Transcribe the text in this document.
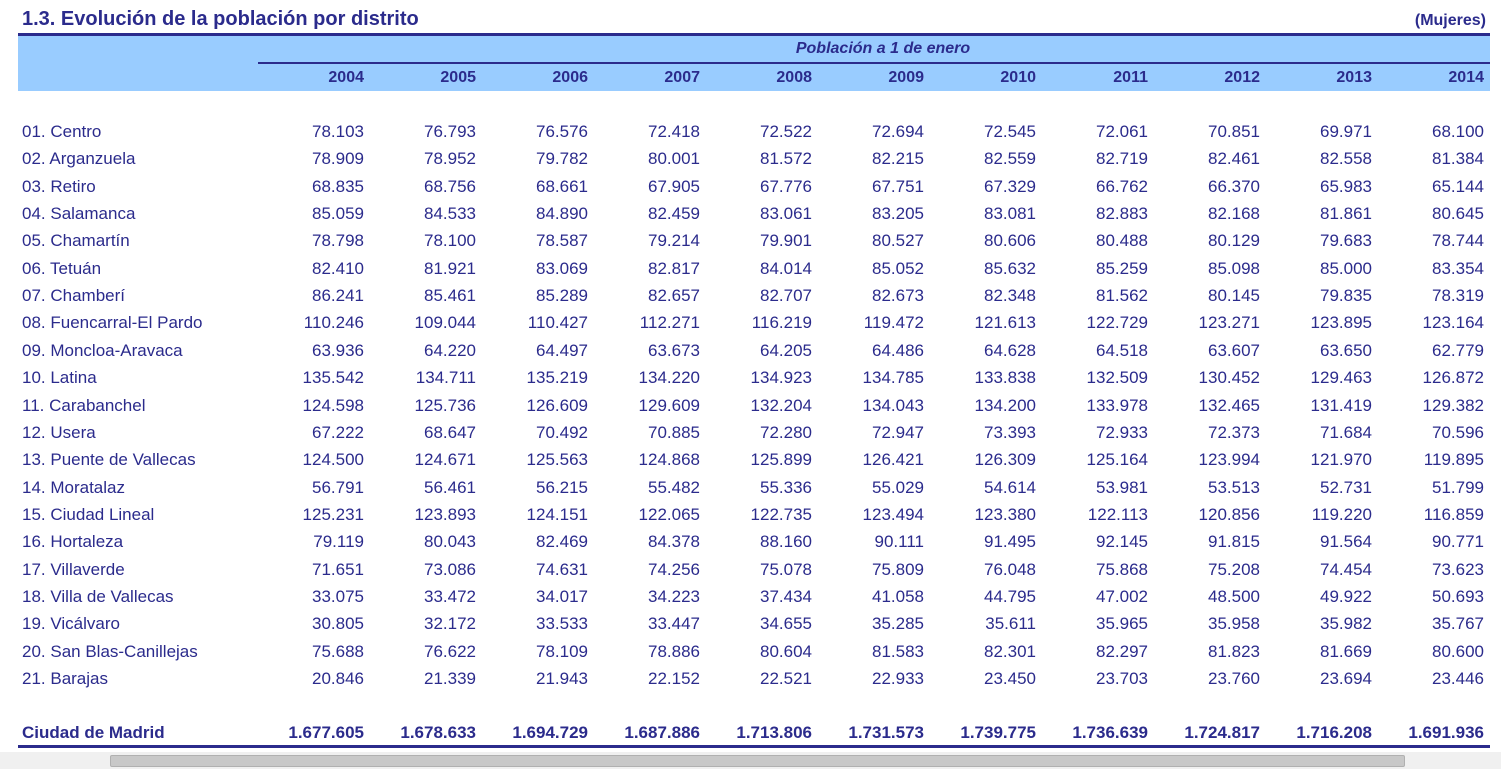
1.3. Evolución de la población por distrito	(Mujeres)
Población a 1 de enero
2004	2005	2006	2007	2008	2009	2010	2011	2012	2013	2014
01. Centro	78.103	76.793	76.576	72.418	72.522	72.694	72.545	72.061	70.851	69.971	68.100
02. Arganzuela	78.909	78.952	79.782	80.001	81.572	82.215	82.559	82.719	82.461	82.558	81.384
03. Retiro	68.835	68.756	68.661	67.905	67.776	67.751	67.329	66.762	66.370	65.983	65.144
04. Salamanca	85.059	84.533	84.890	82.459	83.061	83.205	83.081	82.883	82.168	81.861	80.645
05. Chamartín	78.798	78.100	78.587	79.214	79.901	80.527	80.606	80.488	80.129	79.683	78.744
06. Tetuán	82.410	81.921	83.069	82.817	84.014	85.052	85.632	85.259	85.098	85.000	83.354
07. Chamberí	86.241	85.461	85.289	82.657	82.707	82.673	82.348	81.562	80.145	79.835	78.319
08. Fuencarral-El Pardo	110.246	109.044	110.427	112.271	116.219	119.472	121.613	122.729	123.271	123.895	123.164
09. Moncloa-Aravaca	63.936	64.220	64.497	63.673	64.205	64.486	64.628	64.518	63.607	63.650	62.779
10. Latina	135.542	134.711	135.219	134.220	134.923	134.785	133.838	132.509	130.452	129.463	126.872
11. Carabanchel	124.598	125.736	126.609	129.609	132.204	134.043	134.200	133.978	132.465	131.419	129.382
12. Usera	67.222	68.647	70.492	70.885	72.280	72.947	73.393	72.933	72.373	71.684	70.596
13. Puente de Vallecas	124.500	124.671	125.563	124.868	125.899	126.421	126.309	125.164	123.994	121.970	119.895
14. Moratalaz	56.791	56.461	56.215	55.482	55.336	55.029	54.614	53.981	53.513	52.731	51.799
15. Ciudad Lineal	125.231	123.893	124.151	122.065	122.735	123.494	123.380	122.113	120.856	119.220	116.859
16. Hortaleza	79.119	80.043	82.469	84.378	88.160	90.111	91.495	92.145	91.815	91.564	90.771
17. Villaverde	71.651	73.086	74.631	74.256	75.078	75.809	76.048	75.868	75.208	74.454	73.623
18. Villa de Vallecas	33.075	33.472	34.017	34.223	37.434	41.058	44.795	47.002	48.500	49.922	50.693
19. Vicálvaro	30.805	32.172	33.533	33.447	34.655	35.285	35.611	35.965	35.958	35.982	35.767
20. San Blas-Canillejas	75.688	76.622	78.109	78.886	80.604	81.583	82.301	82.297	81.823	81.669	80.600
21. Barajas	20.846	21.339	21.943	22.152	22.521	22.933	23.450	23.703	23.760	23.694	23.446
Ciudad de Madrid	1.677.605	1.678.633	1.694.729	1.687.886	1.713.806	1.731.573	1.739.775	1.736.639	1.724.817	1.716.208	1.691.936
